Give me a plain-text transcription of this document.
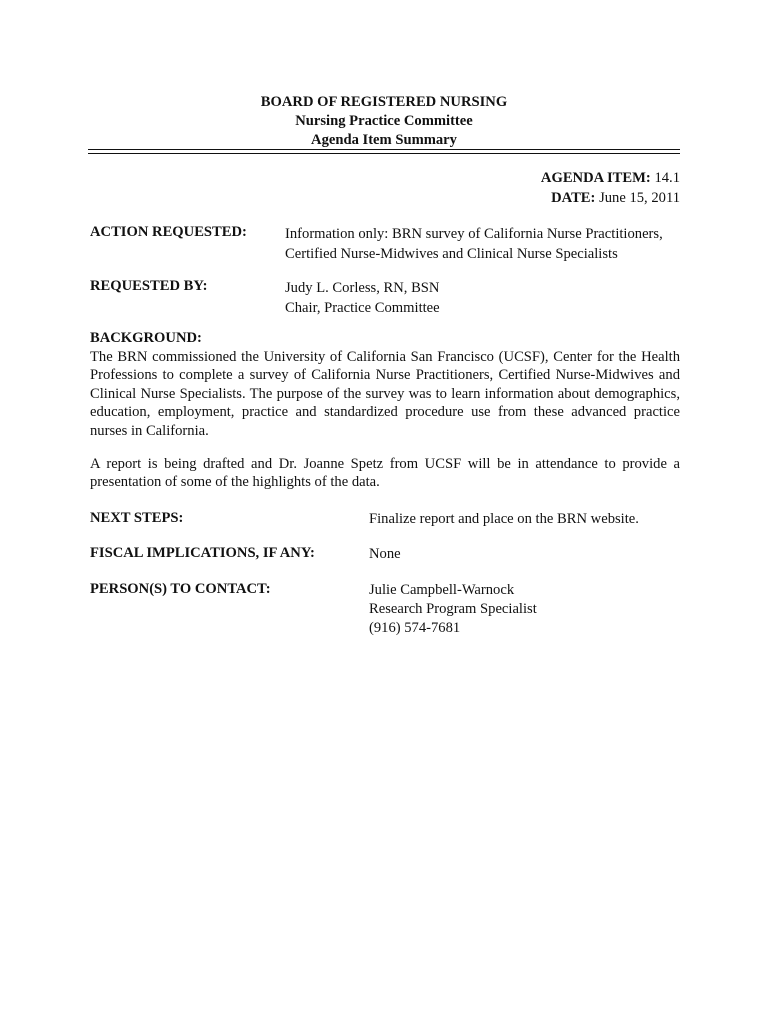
BOARD OF REGISTERED NURSING
Nursing Practice Committee
Agenda Item Summary
AGENDA ITEM: 14.1
DATE: June 15, 2011
ACTION REQUESTED:	Information only: BRN survey of California Nurse Practitioners,
Certified Nurse-Midwives and Clinical Nurse Specialists
REQUESTED BY:	Judy L. Corless, RN, BSN
Chair, Practice Committee
BACKGROUND:
The BRN commissioned the University of California San Francisco (UCSF), Center for the Health Professions to complete a survey of California Nurse Practitioners, Certified Nurse-Midwives and Clinical Nurse Specialists. The purpose of the survey was to learn information about demographics, education, employment, practice and standardized procedure use from these advanced practice nurses in California.
A report is being drafted and Dr. Joanne Spetz from UCSF will be in attendance to provide a presentation of some of the highlights of the data.
NEXT STEPS:	Finalize report and place on the BRN website.
FISCAL IMPLICATIONS, IF ANY:	None
PERSON(S) TO CONTACT:	Julie Campbell-Warnock
Research Program Specialist
(916) 574-7681
